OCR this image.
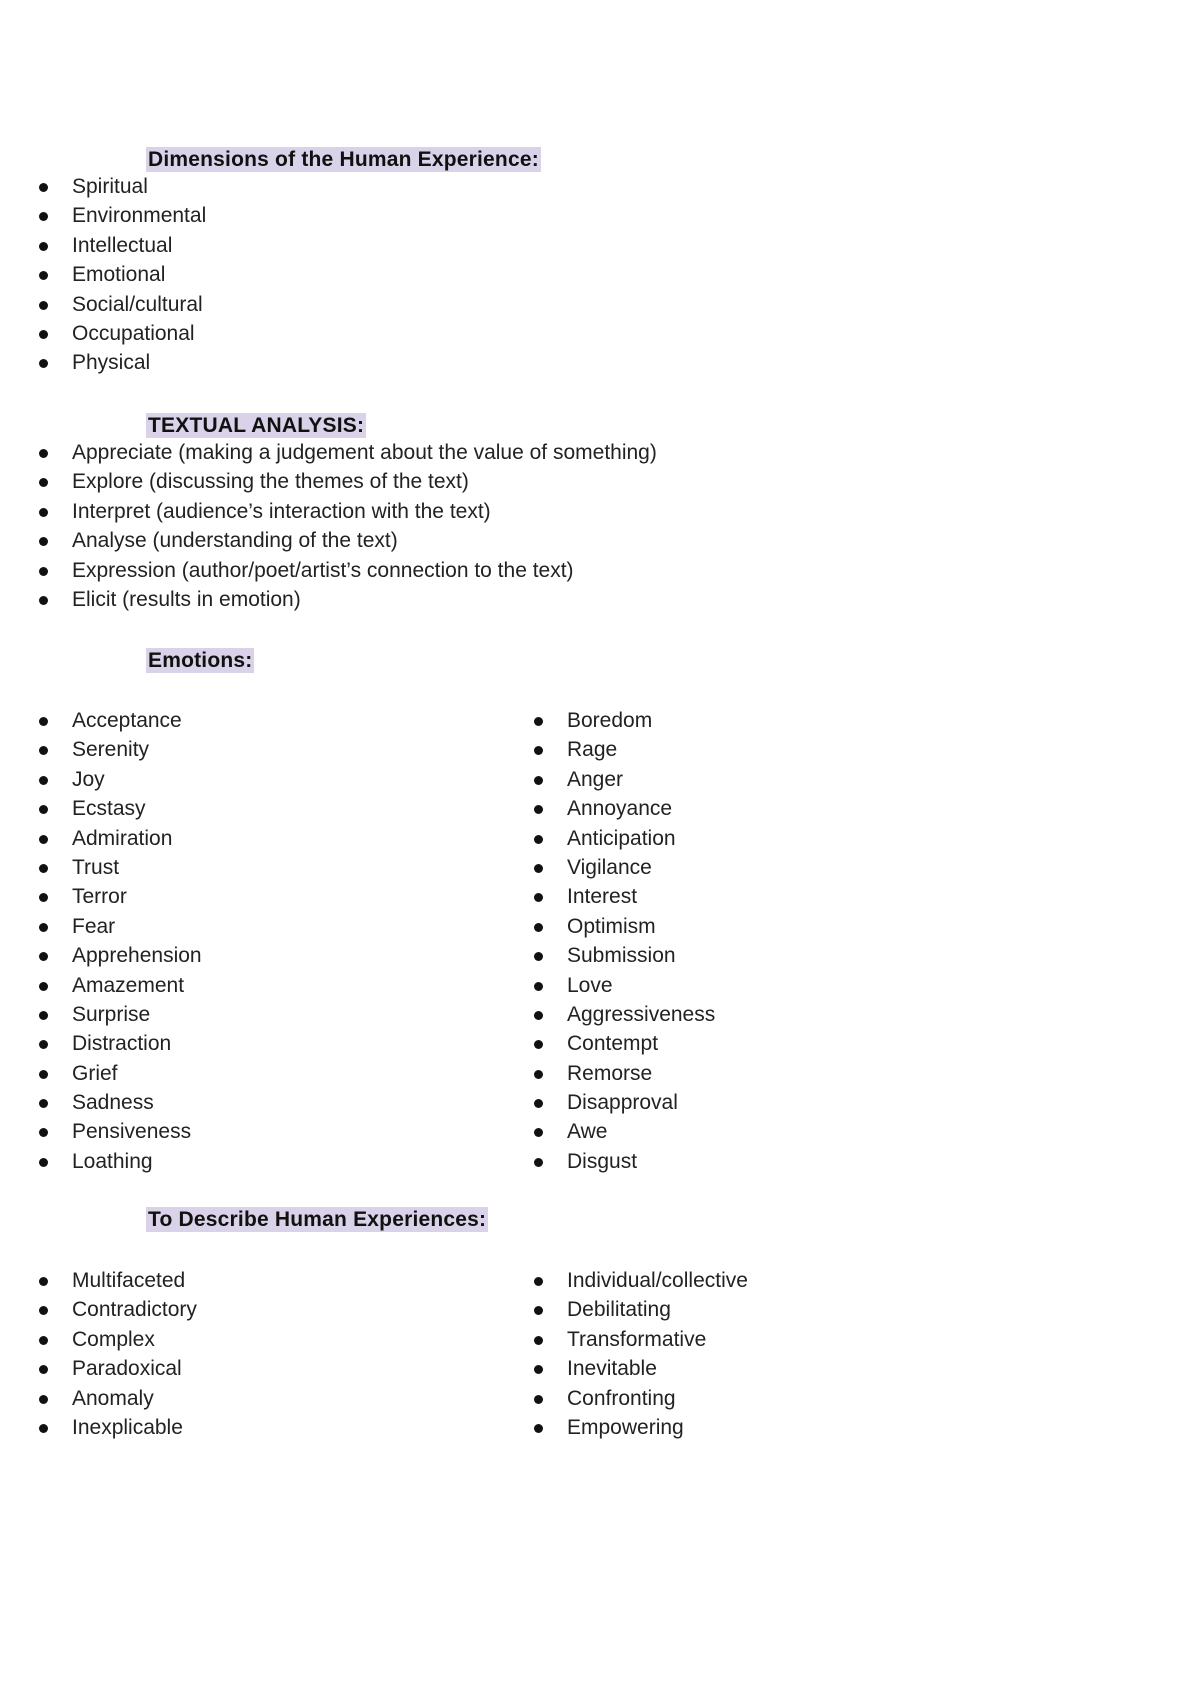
Dimensions of the Human Experience:
Spiritual
Environmental
Intellectual
Emotional
Social/cultural
Occupational
Physical
TEXTUAL ANALYSIS:
Appreciate (making a judgement about the value of something)
Explore (discussing the themes of the text)
Interpret (audience’s interaction with the text)
Analyse (understanding of the text)
Expression (author/poet/artist’s connection to the text)
Elicit (results in emotion)
Emotions:
Acceptance
Serenity
Joy
Ecstasy
Admiration
Trust
Terror
Fear
Apprehension
Amazement
Surprise
Distraction
Grief
Sadness
Pensiveness
Loathing
Boredom
Rage
Anger
Annoyance
Anticipation
Vigilance
Interest
Optimism
Submission
Love
Aggressiveness
Contempt
Remorse
Disapproval
Awe
Disgust
To Describe Human Experiences:
Multifaceted
Contradictory
Complex
Paradoxical
Anomaly
Inexplicable
Individual/collective
Debilitating
Transformative
Inevitable
Confronting
Empowering
